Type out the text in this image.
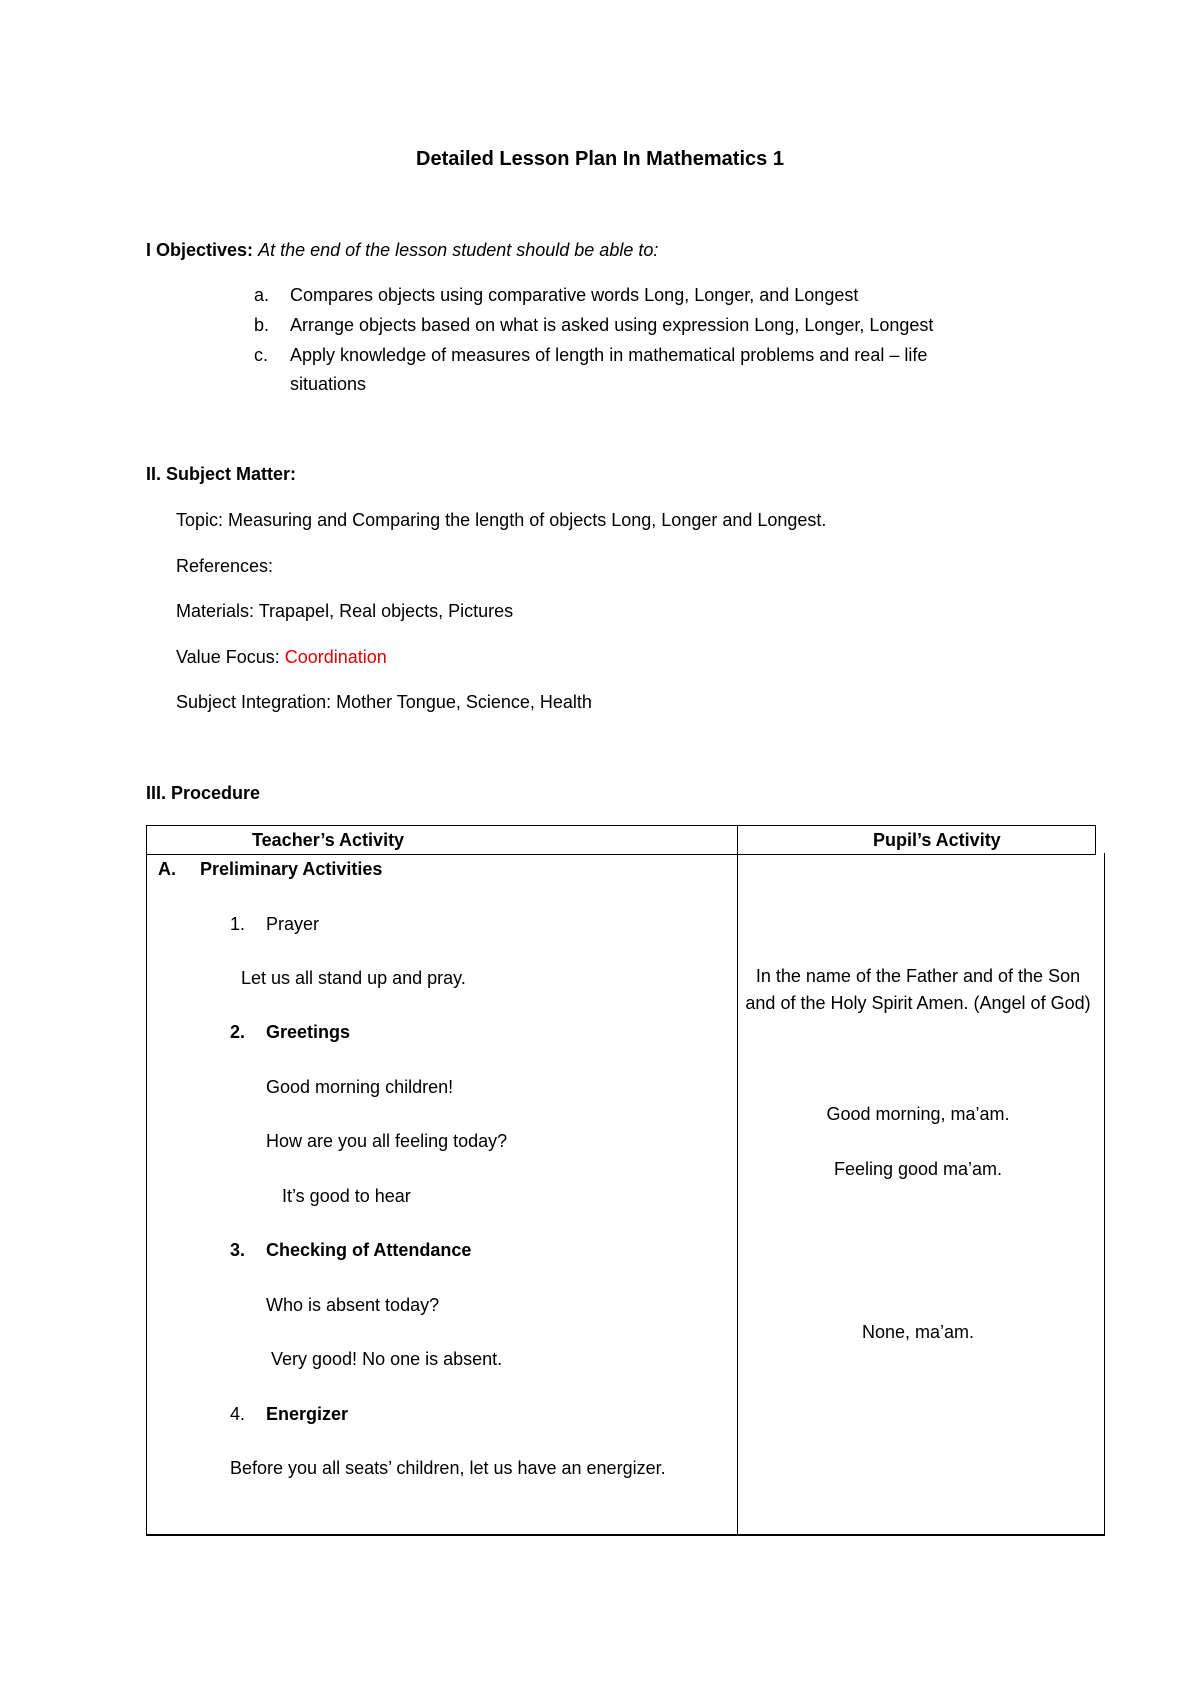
Detailed Lesson Plan In Mathematics 1
I Objectives: At the end of the lesson student should be able to:
a. Compares objects using comparative words Long, Longer, and Longest
b. Arrange objects based on what is asked using expression Long, Longer, Longest
c. Apply knowledge of measures of length in mathematical problems and real – life
situations
II. Subject Matter:
Topic: Measuring and Comparing the length of objects Long, Longer and Longest.
References:
Materials: Trapapel, Real objects, Pictures
Value Focus: Coordination
Subject Integration: Mother Tongue, Science, Health
III. Procedure
Teacher’s Activity	Pupil’s Activity
A. Preliminary Activities
1. Prayer
Let us all stand up and pray.
2. Greetings
Good morning children!
How are you all feeling today?
It’s good to hear
3. Checking of Attendance
Who is absent today?
Very good! No one is absent.
4. Energizer
Before you all seats’ children, let us have an energizer.
In the name of the Father and of the Son and of the Holy Spirit Amen. (Angel of God)
Good morning, ma’am.
Feeling good ma’am.
None, ma’am.
